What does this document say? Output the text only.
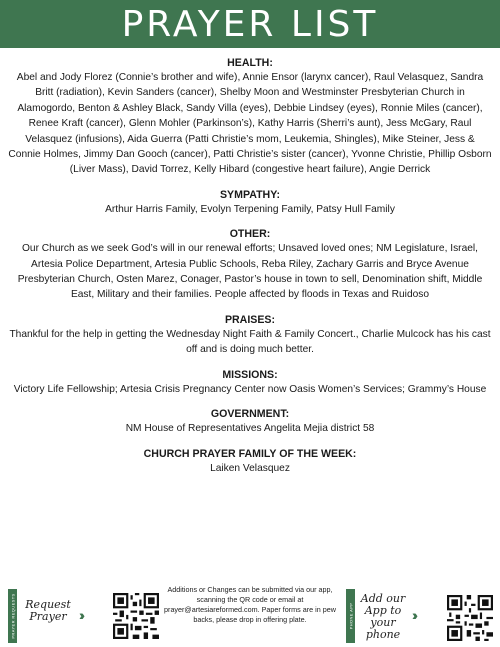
PRAYER LIST
HEALTH:

Abel and Jody Florez (Connie’s brother and wife), Annie Ensor (larynx cancer), Raul Velasquez, Sandra Britt (radiation), Kevin Sanders (cancer), Shelby Moon and Westminster Presbyterian Church in Alamogordo, Benton & Ashley Black, Sandy Villa (eyes), Debbie Lindsey (eyes), Ronnie Miles (cancer), Renee Kraft (cancer), Glenn Mohler (Parkinson’s), Kathy Harris (Sherri’s aunt), Jess McGary, Raul Velasquez (infusions), Aida Guerra (Patti Christie’s mom, Leukemia, Shingles), Mike Steiner, Jess & Connie Holmes, Jimmy Dan Gooch (cancer), Patti Christie’s sister (cancer), Yvonne Christie, Phillip Osborn (Liver Mass), David Torrez, Kelly Hibard (congestive heart failure), Angie Derrick

SYMPATHY:

Arthur Harris Family, Evolyn Terpening Family, Patsy Hull Family

OTHER:

Our Church as we seek God’s will in our renewal efforts; Unsaved loved ones; NM Legislature, Israel, Artesia Police Department, Artesia Public Schools, Reba Riley, Zachary Garris and Bryce Avenue Presbyterian Church, Osten Marez, Conager, Pastor’s house in town to sell, Denomination shift, Middle East, Military and their families. People affected by floods in Texas and Ruidoso

PRAISES:

Thankful for the help in getting the Wednesday Night Faith & Family Concert., Charlie Mulcock has his cast off and is doing much better.

MISSIONS:

Victory Life Fellowship; Artesia Crisis Pregnancy Center now Oasis Women’s Services; Grammy’s House

GOVERNMENT:

NM House of Representatives Angelita Mejia district 58

CHURCH PRAYER FAMILY OF THE WEEK:

Laiken Velasquez

PRAYER REQUESTS Request Prayer ›››
Additions or Changes can be submitted via our app, scanning the QR code or email at prayer@artesiareformed.com. Paper forms are in pew backs, please drop in offering plate.	PHONE APP
Add our App to your phone
›››
